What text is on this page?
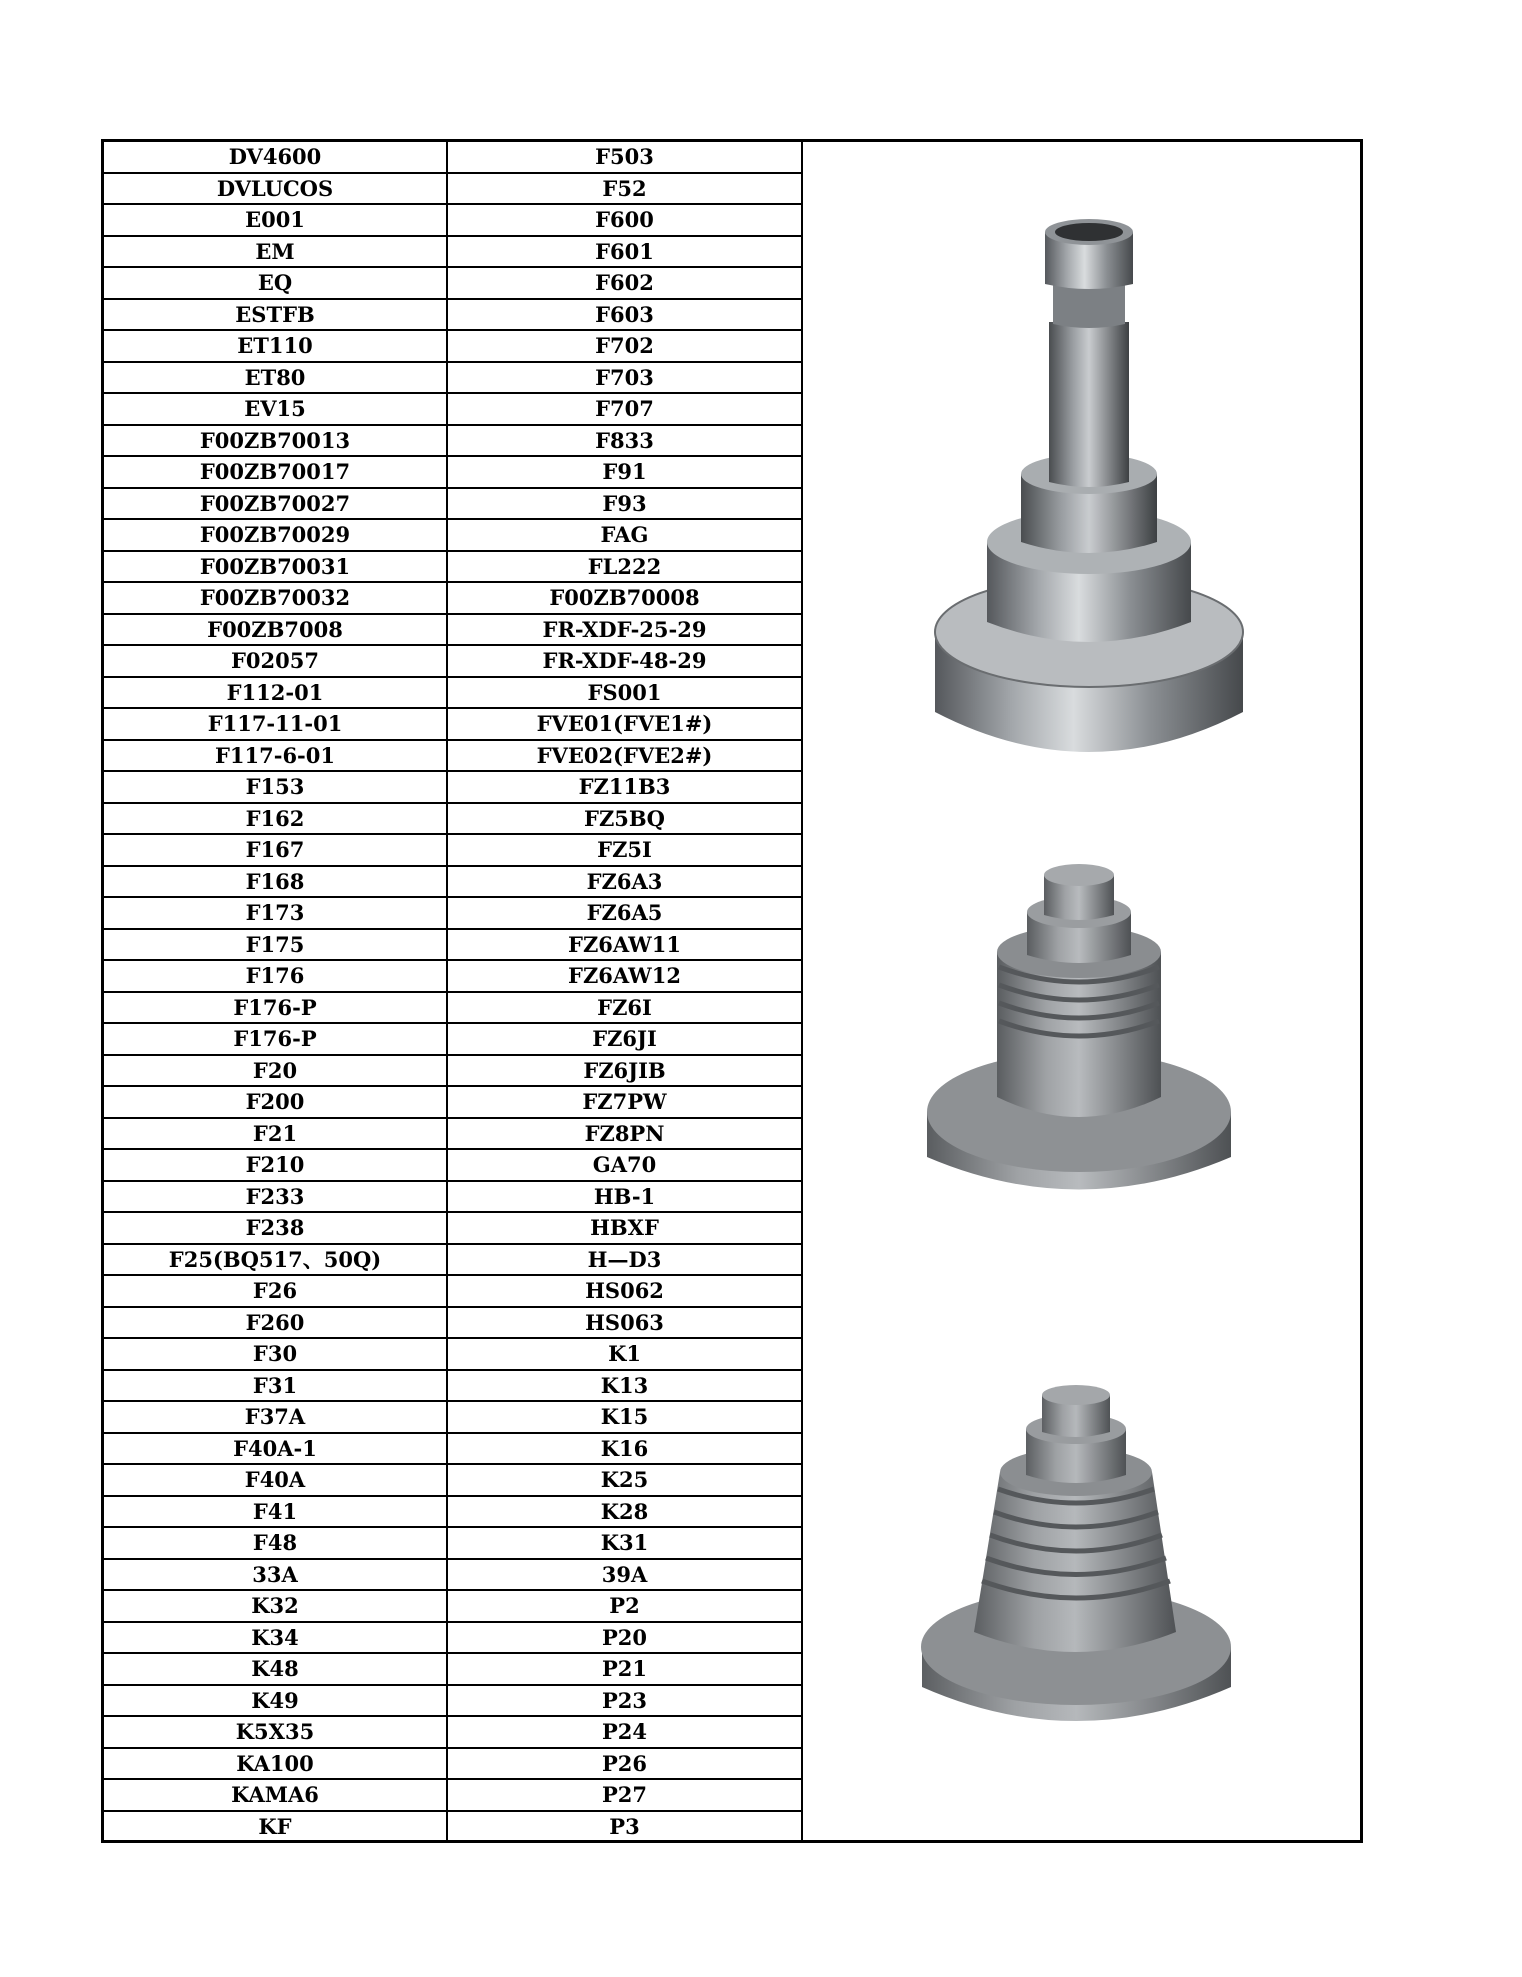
DV4600	F503
DVLUCOS	F52
E001	F600
EM	F601
EQ	F602
ESTFB	F603
ET110	F702
ET80	F703
EV15	F707
F00ZB70013	F833
F00ZB70017	F91
F00ZB70027	F93
F00ZB70029	FAG
F00ZB70031	FL222
F00ZB70032	F00ZB70008
F00ZB7008	FR-XDF-25-29
F02057	FR-XDF-48-29
F112-01	FS001
F117-11-01	FVE01(FVE1#)
F117-6-01	FVE02(FVE2#)
F153	FZ11B3
F162	FZ5BQ
F167	FZ5I
F168	FZ6A3
F173	FZ6A5
F175	FZ6AW11
F176	FZ6AW12
F176-P	FZ6I
F176-P	FZ6JI
F20	FZ6JIB
F200	FZ7PW
F21	FZ8PN
F210	GA70
F233	HB-1
F238	HBXF
F25(BQ517、50Q)	H—D3
F26	HS062
F260	HS063
F30	K1
F31	K13
F37A	K15
F40A-1	K16
F40A	K25
F41	K28
F48	K31
33A	39A
K32	P2
K34	P20
K48	P21
K49	P23
K5X35	P24
KA100	P26
KAMA6	P27
KF	P3
